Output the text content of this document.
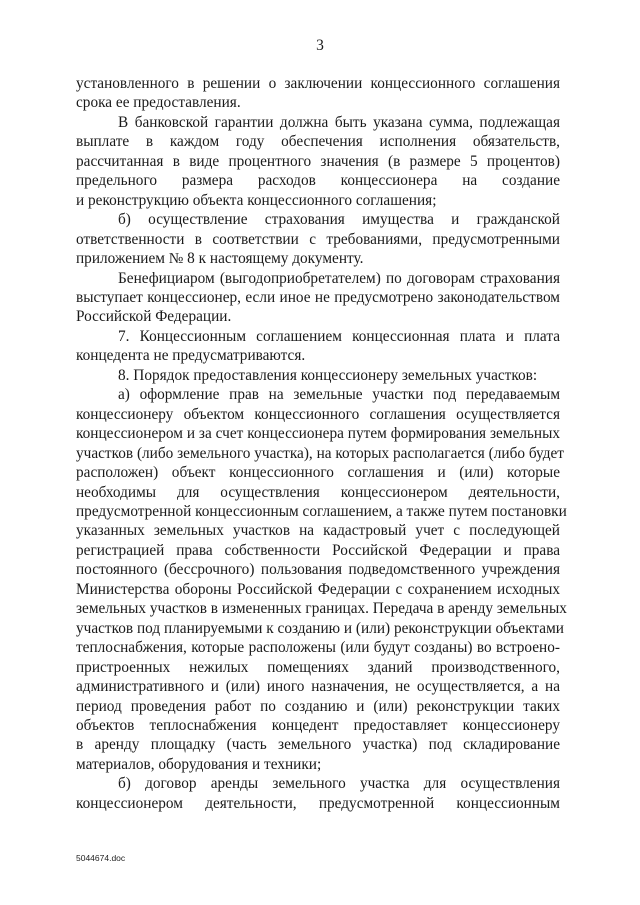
3
установленного в решении о заключении концессионного соглашения
срока ее предоставления.
В банковской гарантии должна быть указана сумма, подлежащая
выплате в каждом году обеспечения исполнения обязательств,
рассчитанная в виде процентного значения (в размере 5 процентов)
предельного размера расходов концессионера на создание
и реконструкцию объекта концессионного соглашения;
б) осуществление страхования имущества и гражданской
ответственности в соответствии с требованиями, предусмотренными
приложением № 8 к настоящему документу.
Бенефициаром (выгодоприобретателем) по договорам страхования
выступает концессионер, если иное не предусмотрено законодательством
Российской Федерации.
7. Концессионным соглашением концессионная плата и плата
концедента не предусматриваются.
8. Порядок предоставления концессионеру земельных участков:
а) оформление прав на земельные участки под передаваемым
концессионеру объектом концессионного соглашения осуществляется
концессионером и за счет концессионера путем формирования земельных
участков (либо земельного участка), на которых располагается (либо будет
расположен) объект концессионного соглашения и (или) которые
необходимы для осуществления концессионером деятельности,
предусмотренной концессионным соглашением, а также путем постановки
указанных земельных участков на кадастровый учет с последующей
регистрацией права собственности Российской Федерации и права
постоянного (бессрочного) пользования подведомственного учреждения
Министерства обороны Российской Федерации с сохранением исходных
земельных участков в измененных границах. Передача в аренду земельных
участков под планируемыми к созданию и (или) реконструкции объектами
теплоснабжения, которые расположены (или будут созданы) во встроено-
пристроенных нежилых помещениях зданий производственного,
административного и (или) иного назначения, не осуществляется, а на
период проведения работ по созданию и (или) реконструкции таких
объектов теплоснабжения концедент предоставляет концессионеру
в аренду площадку (часть земельного участка) под складирование
материалов, оборудования и техники;
б) договор аренды земельного участка для осуществления
концессионером деятельности, предусмотренной концессионным
5044674.doc
